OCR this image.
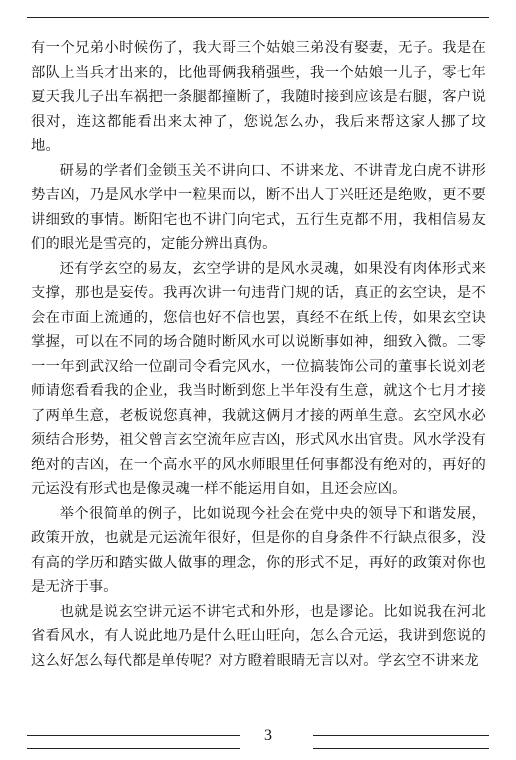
有一个兄弟小时候伤了，我大哥三个姑娘三弟没有娶妻，无子。我是在部队上当兵才出来的，比他哥俩我稍强些，我一个姑娘一儿子，零七年夏天我儿子出车祸把一条腿都撞断了，我随时接到应该是右腿，客户说很对，连这都能看出来太神了，您说怎么办，我后来帮这家人挪了坟地。

研易的学者们金锁玉关不讲向口、不讲来龙、不讲青龙白虎不讲形势吉凶，乃是风水学中一粒果而以，断不出人丁兴旺还是绝败，更不要讲细致的事情。断阳宅也不讲门向宅式，五行生克都不用，我相信易友们的眼光是雪亮的，定能分辨出真伪。

还有学玄空的易友，玄空学讲的是风水灵魂，如果没有肉体形式来支撑，那也是妄传。我再次讲一句违背门规的话，真正的玄空诀，是不会在市面上流通的，您信也好不信也罢，真经不在纸上传，如果玄空诀掌握，可以在不同的场合随时断风水可以说断事如神，细致入微。二零一一年到武汉给一位副司令看完风水，一位搞装饰公司的董事长说刘老师请您看看我的企业，我当时断到您上半年没有生意，就这个七月才接了两单生意，老板说您真神，我就这俩月才接的两单生意。玄空风水必须结合形势，祖父曾言玄空流年应吉凶，形式风水出官贵。风水学没有绝对的吉凶，在一个高水平的风水师眼里任何事都没有绝对的，再好的元运没有形式也是像灵魂一样不能运用自如，且还会应凶。

举个很简单的例子，比如说现今社会在党中央的领导下和谐发展，政策开放，也就是元运流年很好，但是你的自身条件不行缺点很多，没有高的学历和踏实做人做事的理念，你的形式不足，再好的政策对你也是无济于事。

也就是说玄空讲元运不讲宅式和外形，也是谬论。比如说我在河北省看风水，有人说此地乃是什么旺山旺向，怎么合元运，我讲到您说的这么好怎么每代都是单传呢？对方瞪着眼睛无言以对。学玄空不讲来龙

3
